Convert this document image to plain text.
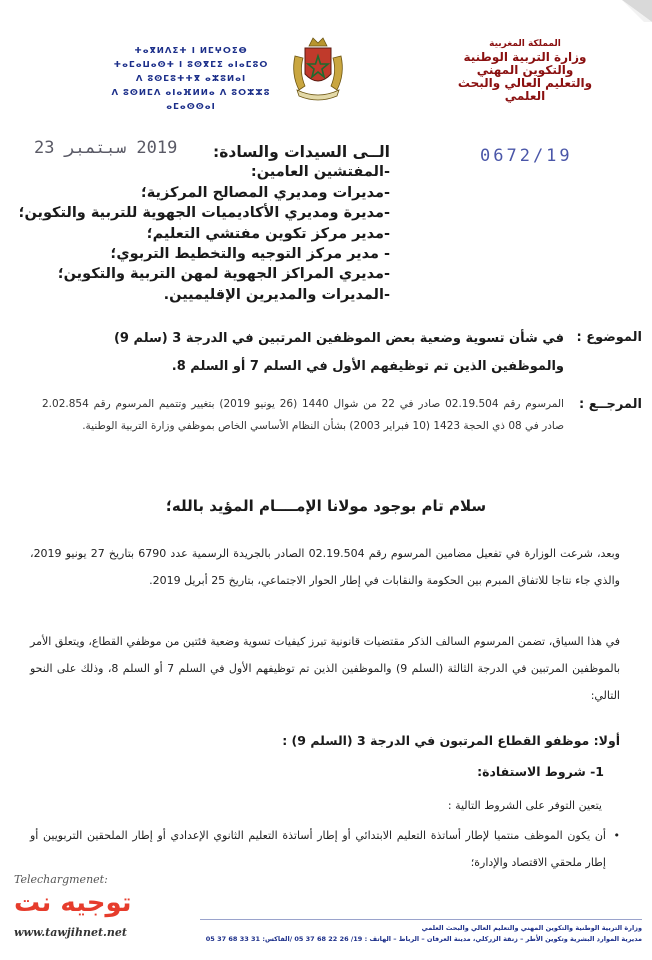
ⵜⴰⴳⵍⴷⵉⵜ ⵏ ⵍⵎⵖⵔⵉⴱ
ⵜⴰⵎⴰⵡⴰⵙⵜ ⵏ ⵓⵙⴳⵎⵉ ⴰⵏⴰⵎⵓⵔ
ⴷ ⵓⵙⵎⵓⵜⵜⴳ ⴰⵣⵓⵍⴰⵏ
ⴷ ⵓⵙⵍⵎⴷ ⴰⵏⴰⴼⵍⵍⴰ ⴷ ⵓⵔⵣⵣⵓ ⴰⵎⴰⵙⵙⴰⵏ
المملكة المغربية
وزارة التربية الوطنية
والتكوين المهني
والتعليم العالي والبحث العلمي
2019 سبتمبر 23	0672/19
الــى السيدات والسادة:
-المفتشين العامين:
-مديرات ومديري المصالح المركزية؛
-مديرة ومديري الأكاديميات الجهوية للتربية والتكوين؛
-مدير مركز تكوين مفتشي التعليم؛
- مدير مركز التوجيه والتخطيط التربوي؛
-مديري المراكز الجهوية لمهن التربية والتكوين؛
-المديرات والمديرين الإقليميين.
الموضوع :
في شأن تسوية وضعية بعض الموظفين المرتبين في الدرجة 3 (سلم 9) والموظفين الذين تم توظيفهم الأول في السلم 7 أو السلم 8.
المرجــع :
المرسوم رقم 02.19.504 صادر في 22 من شوال 1440 (26 يونيو 2019) بتغيير وتتميم المرسوم رقم 2.02.854 صادر في 08 ذي الحجة 1423 (10 فبراير 2003) بشأن النظام الأساسي الخاص بموظفي وزارة التربية الوطنية.
سلام تام بوجود مولانا الإمــــام المؤيد بالله؛
وبعد، شرعت الوزارة في تفعيل مضامين المرسوم رقم 02.19.504 الصادر بالجريدة الرسمية عدد 6790 بتاريخ 27 يونيو 2019، والذي جاء نتاجا للاتفاق المبرم بين الحكومة والنقابات في إطار الحوار الاجتماعي، بتاريخ 25 أبريل 2019.
في هذا السياق، تضمن المرسوم السالف الذكر مقتضيات قانونية تبرز كيفيات تسوية وضعية فئتين من موظفي القطاع، ويتعلق الأمر بالموظفين المرتبين في الدرجة الثالثة (السلم 9) والموظفين الذين تم توظيفهم الأول في السلم 7 أو السلم 8، وذلك على النحو التالي:
أولا: موظفو القطاع المرتبون في الدرجة 3 (السلم 9) :
1- شروط الاستفادة:
يتعين التوفر على الشروط التالية :
•
أن يكون الموظف منتميا لإطار أساتذة التعليم الابتدائي أو إطار أساتذة التعليم الثانوي الإعدادي أو إطار الملحقين التربويين أو إطار ملحقي الاقتصاد والإدارة؛
Telechargmenet:
توجيه نت
www.tawjihnet.net	وزارة التربية الوطنية والتكوين المهني والتعليم العالي والبحث العلمي
مديرية الموارد البشرية وتكوين الأطر – زنقة الزركلي، مدينة العرفان – الرباط – الهاتف : 19/ 26 22 68 37 05 /الفاكس: 31 33 68 37 05
